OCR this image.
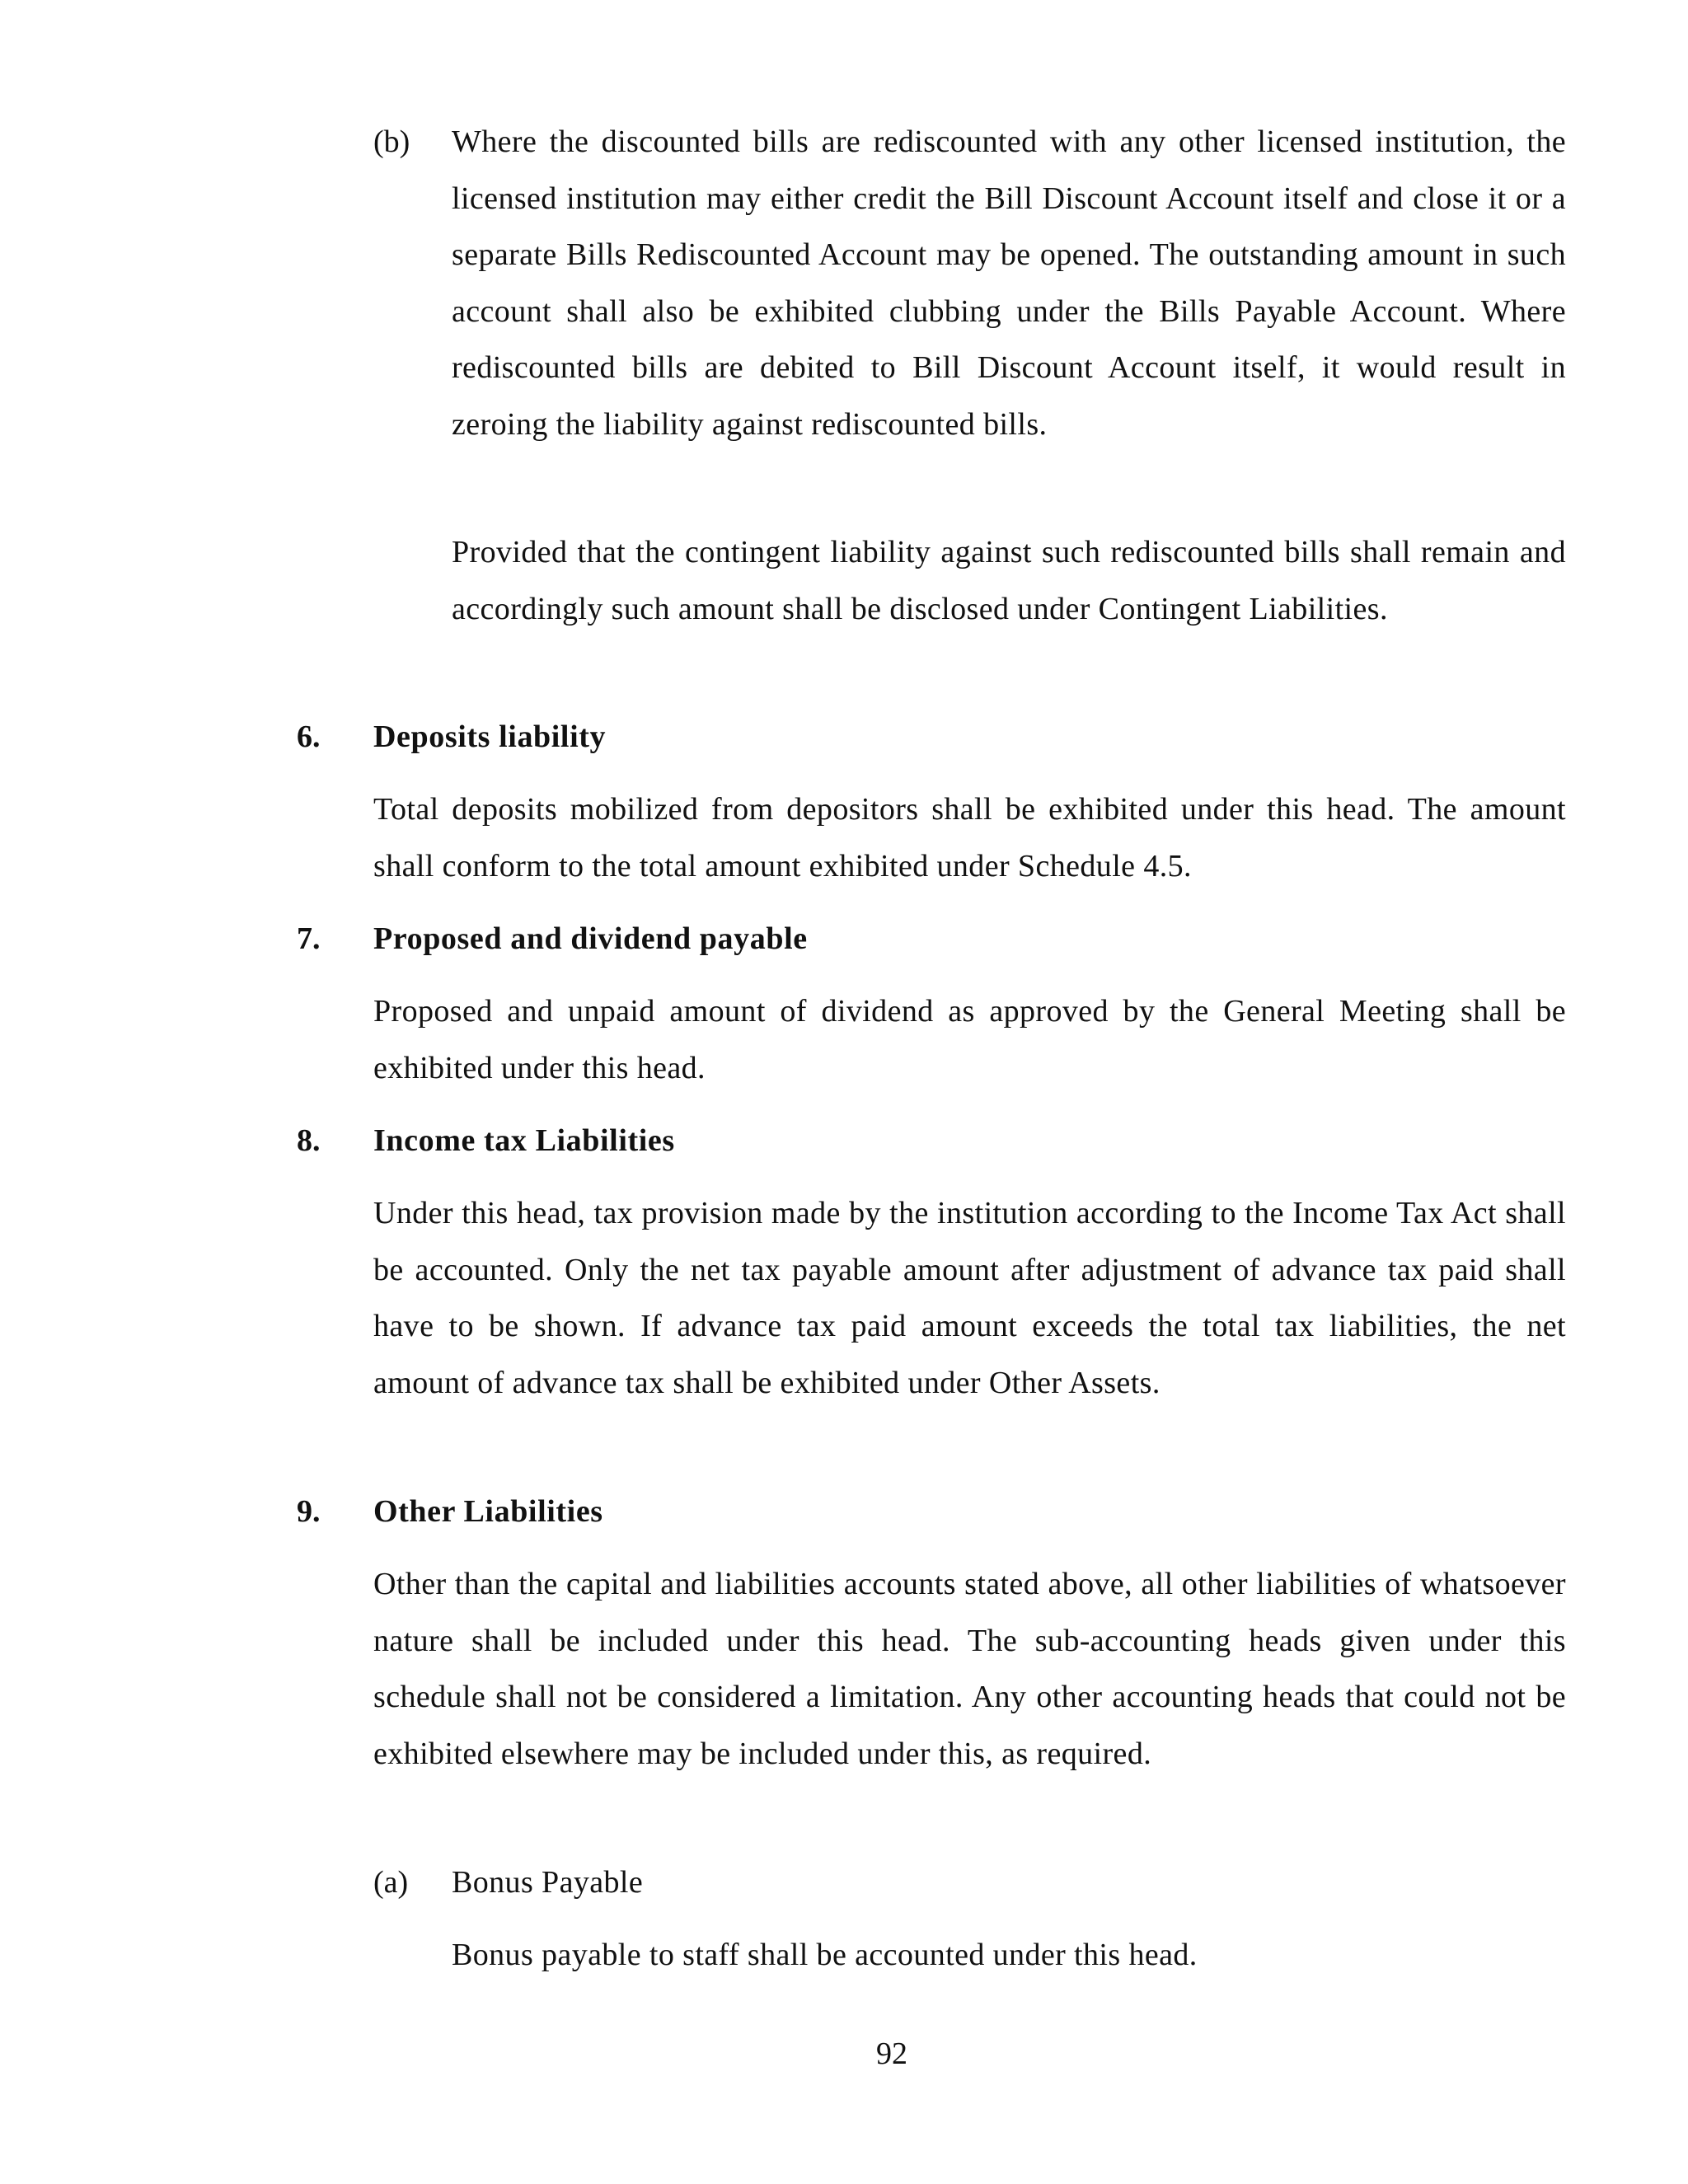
(b) Where the discounted bills are rediscounted with any other licensed institution, the licensed institution may either credit the Bill Discount Account itself and close it or a separate Bills Rediscounted Account may be opened. The outstanding amount in such account shall also be exhibited clubbing under the Bills Payable Account. Where rediscounted bills are debited to Bill Discount Account itself, it would result in zeroing the liability against rediscounted bills.
Provided that the contingent liability against such rediscounted bills shall remain and accordingly such amount shall be disclosed under Contingent Liabilities.
6. Deposits liability
Total deposits mobilized from depositors shall be exhibited under this head. The amount shall conform to the total amount exhibited under Schedule 4.5.
7. Proposed and dividend payable
Proposed and unpaid amount of dividend as approved by the General Meeting shall be exhibited under this head.
8. Income tax Liabilities
Under this head, tax provision made by the institution according to the Income Tax Act shall be accounted. Only the net tax payable amount after adjustment of advance tax paid shall have to be shown. If advance tax paid amount exceeds the total tax liabilities, the net amount of advance tax shall be exhibited under Other Assets.
9. Other Liabilities
Other than the capital and liabilities accounts stated above, all other liabilities of whatsoever nature shall be included under this head. The sub-accounting heads given under this schedule shall not be considered a limitation. Any other accounting heads that could not be exhibited elsewhere may be included under this, as required.
(a) Bonus Payable
Bonus payable to staff shall be accounted under this head.
92
